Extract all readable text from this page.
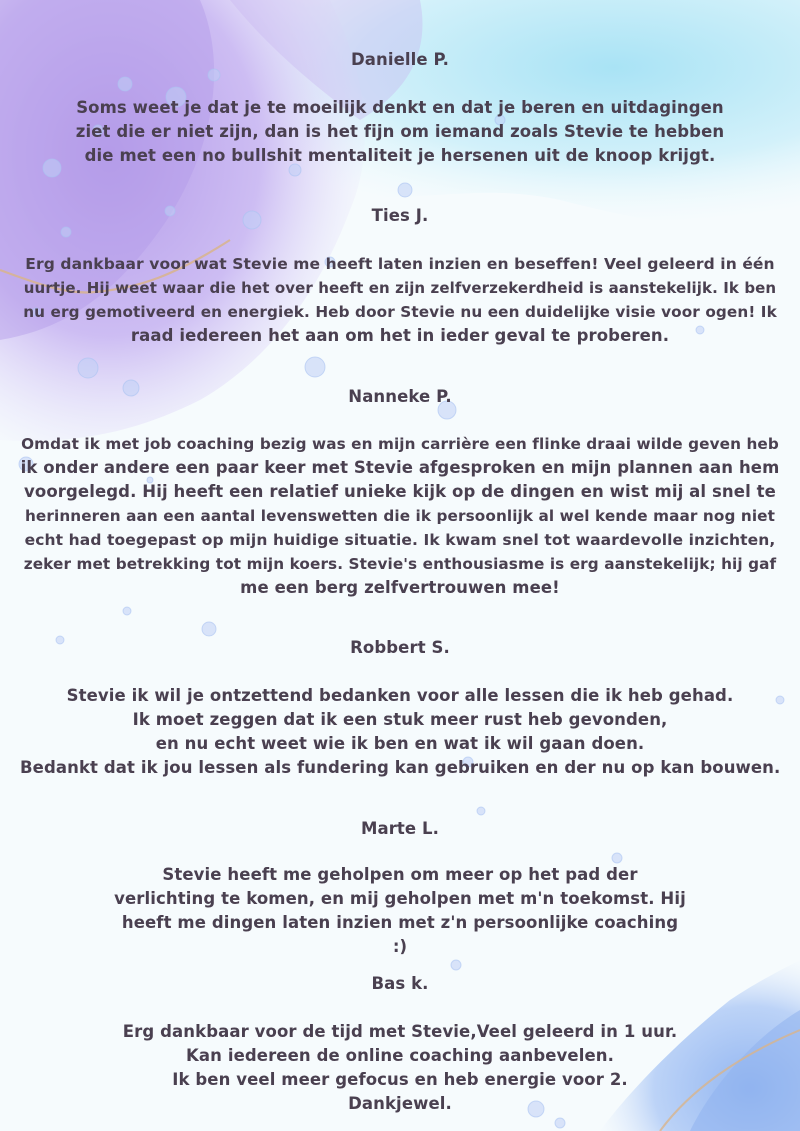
Danielle P.

Soms weet je dat je te moeilijk denkt en dat je beren en uitdagingen
ziet die er niet zijn, dan is het fijn om iemand zoals Stevie te hebben
die met een no bullshit mentaliteit je hersenen uit de knoop krijgt.

Ties J.

Erg dankbaar voor wat Stevie me heeft laten inzien en beseffen! Veel geleerd in één
uurtje. Hij weet waar die het over heeft en zijn zelfverzekerdheid is aanstekelijk. Ik ben
nu erg gemotiveerd en energiek. Heb door Stevie nu een duidelijke visie voor ogen! Ik
raad iedereen het aan om het in ieder geval te proberen.

Nanneke P.

Omdat ik met job coaching bezig was en mijn carrière een flinke draai wilde geven heb
ik onder andere een paar keer met Stevie afgesproken en mijn plannen aan hem
voorgelegd. Hij heeft een relatief unieke kijk op de dingen en wist mij al snel te
herinneren aan een aantal levenswetten die ik persoonlijk al wel kende maar nog niet
echt had toegepast op mijn huidige situatie. Ik kwam snel tot waardevolle inzichten,
zeker met betrekking tot mijn koers. Stevie's enthousiasme is erg aanstekelijk; hij gaf
me een berg zelfvertrouwen mee!

Robbert S.

Stevie ik wil je ontzettend bedanken voor alle lessen die ik heb gehad.
Ik moet zeggen dat ik een stuk meer rust heb gevonden,
en nu echt weet wie ik ben en wat ik wil gaan doen.
Bedankt dat ik jou lessen als fundering kan gebruiken en der nu op kan bouwen.

Marte L.

Stevie heeft me geholpen om meer op het pad der
verlichting te komen, en mij geholpen met m'n toekomst. Hij
heeft me dingen laten inzien met z'n persoonlijke coaching
:)

Bas k.

Erg dankbaar voor de tijd met Stevie,Veel geleerd in 1 uur.
Kan iedereen de online coaching aanbevelen.
Ik ben veel meer gefocus en heb energie voor 2.
Dankjewel.
